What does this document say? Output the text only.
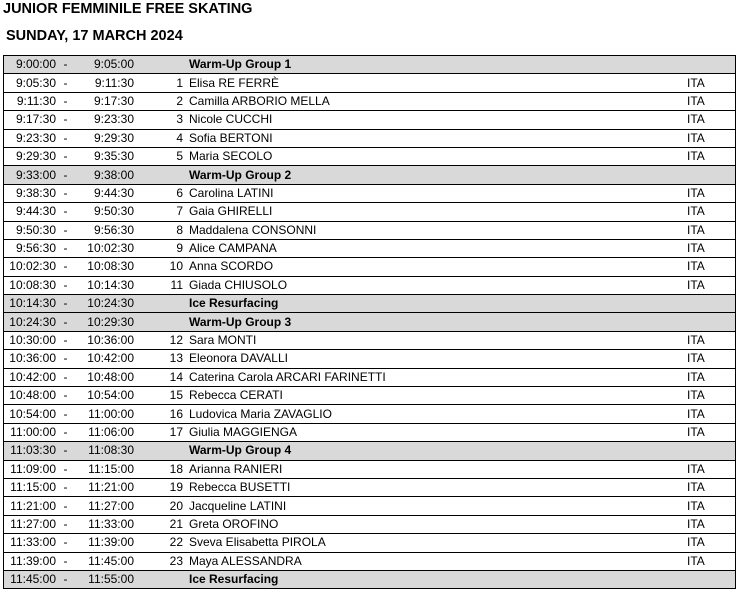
JUNIOR FEMMINILE FREE SKATING
SUNDAY, 17 MARCH 2024
9:00:00	-	9:05:00		Warm-Up Group 1	
9:05:30	-	9:11:30	1	Elisa RE FERRÈ	ITA
9:11:30	-	9:17:30	2	Camilla ARBORIO MELLA	ITA
9:17:30	-	9:23:30	3	Nicole CUCCHI	ITA
9:23:30	-	9:29:30	4	Sofia BERTONI	ITA
9:29:30	-	9:35:30	5	Maria SECOLO	ITA
9:33:00	-	9:38:00		Warm-Up Group 2	
9:38:30	-	9:44:30	6	Carolina LATINI	ITA
9:44:30	-	9:50:30	7	Gaia GHIRELLI	ITA
9:50:30	-	9:56:30	8	Maddalena CONSONNI	ITA
9:56:30	-	10:02:30	9	Alice CAMPANA	ITA
10:02:30	-	10:08:30	10	Anna SCORDO	ITA
10:08:30	-	10:14:30	11	Giada CHIUSOLO	ITA
10:14:30	-	10:24:30		Ice Resurfacing	
10:24:30	-	10:29:30		Warm-Up Group 3	
10:30:00	-	10:36:00	12	Sara MONTI	ITA
10:36:00	-	10:42:00	13	Eleonora DAVALLI	ITA
10:42:00	-	10:48:00	14	Caterina Carola ARCARI FARINETTI	ITA
10:48:00	-	10:54:00	15	Rebecca CERATI	ITA
10:54:00	-	11:00:00	16	Ludovica Maria ZAVAGLIO	ITA
11:00:00	-	11:06:00	17	Giulia MAGGIENGA	ITA
11:03:30	-	11:08:30		Warm-Up Group 4	
11:09:00	-	11:15:00	18	Arianna RANIERI	ITA
11:15:00	-	11:21:00	19	Rebecca BUSETTI	ITA
11:21:00	-	11:27:00	20	Jacqueline LATINI	ITA
11:27:00	-	11:33:00	21	Greta OROFINO	ITA
11:33:00	-	11:39:00	22	Sveva Elisabetta PIROLA	ITA
11:39:00	-	11:45:00	23	Maya ALESSANDRA	ITA
11:45:00	-	11:55:00		Ice Resurfacing	
